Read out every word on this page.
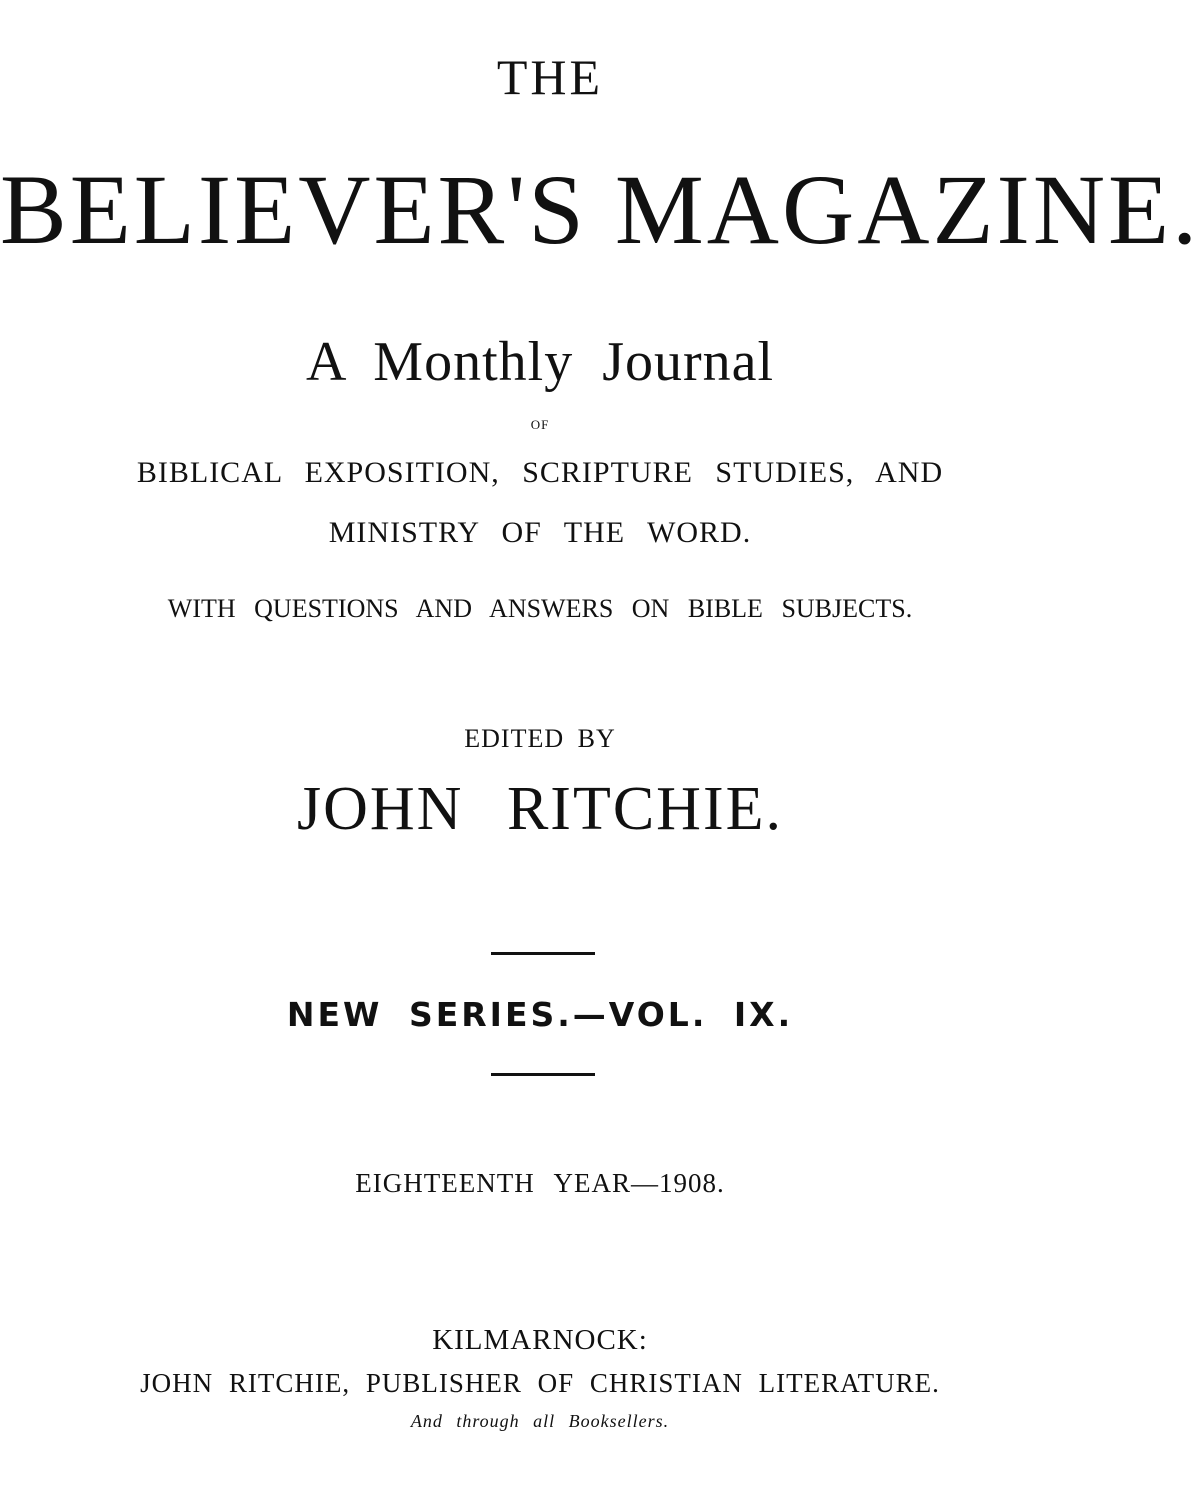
THE
BELIEVER'S MAGAZINE.
A Monthly Journal
OF
BIBLICAL EXPOSITION, SCRIPTURE STUDIES, AND
MINISTRY OF THE WORD.
WITH QUESTIONS AND ANSWERS ON BIBLE SUBJECTS.
EDITED BY
JOHN RITCHIE.
NEW SERIES.—VOL. IX.
EIGHTEENTH YEAR—1908.
KILMARNOCK:
JOHN RITCHIE, PUBLISHER OF CHRISTIAN LITERATURE.
And through all Booksellers.
